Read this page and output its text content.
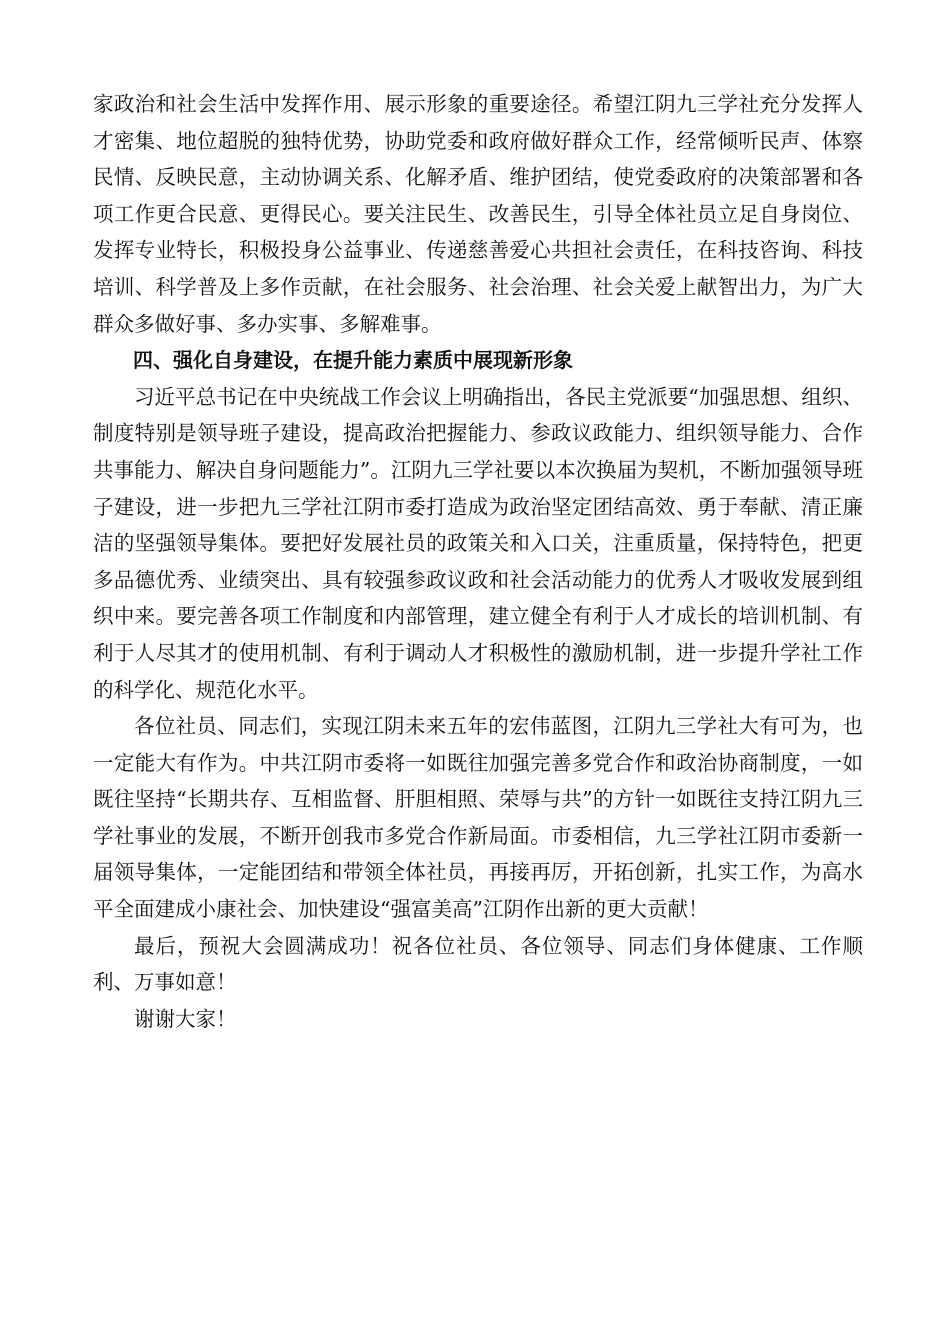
家政治和社会生活中发挥作用、展示形象的重要途径。希望江阴九三学社充分发挥人才密集、地位超脱的独特优势，协助党委和政府做好群众工作，经常倾听民声、体察民情、反映民意，主动协调关系、化解矛盾、维护团结，使党委政府的决策部署和各项工作更合民意、更得民心。要关注民生、改善民生，引导全体社员立足自身岗位、发挥专业特长，积极投身公益事业、传递慈善爱心共担社会责任，在科技咨询、科技培训、科学普及上多作贡献，在社会服务、社会治理、社会关爱上献智出力，为广大群众多做好事、多办实事、多解难事。

四、强化自身建设，在提升能力素质中展现新形象

习近平总书记在中央统战工作会议上明确指出，各民主党派要“加强思想、组织、制度特别是领导班子建设，提高政治把握能力、参政议政能力、组织领导能力、合作共事能力、解决自身问题能力”。江阴九三学社要以本次换届为契机，不断加强领导班子建设，进一步把九三学社江阴市委打造成为政治坚定团结高效、勇于奉献、清正廉洁的坚强领导集体。要把好发展社员的政策关和入口关，注重质量，保持特色，把更多品德优秀、业绩突出、具有较强参政议政和社会活动能力的优秀人才吸收发展到组织中来。要完善各项工作制度和内部管理，建立健全有利于人才成长的培训机制、有利于人尽其才的使用机制、有利于调动人才积极性的激励机制，进一步提升学社工作的科学化、规范化水平。

各位社员、同志们，实现江阴未来五年的宏伟蓝图，江阴九三学社大有可为，也一定能大有作为。中共江阴市委将一如既往加强完善多党合作和政治协商制度，一如既往坚持“长期共存、互相监督、肝胆相照、荣辱与共”的方针一如既往支持江阴九三学社事业的发展，不断开创我市多党合作新局面。市委相信，九三学社江阴市委新一届领导集体，一定能团结和带领全体社员，再接再厉，开拓创新，扎实工作，为高水平全面建成小康社会、加快建设“强富美高”江阴作出新的更大贡献！

最后，预祝大会圆满成功！祝各位社员、各位领导、同志们身体健康、工作顺利、万事如意！

谢谢大家！
